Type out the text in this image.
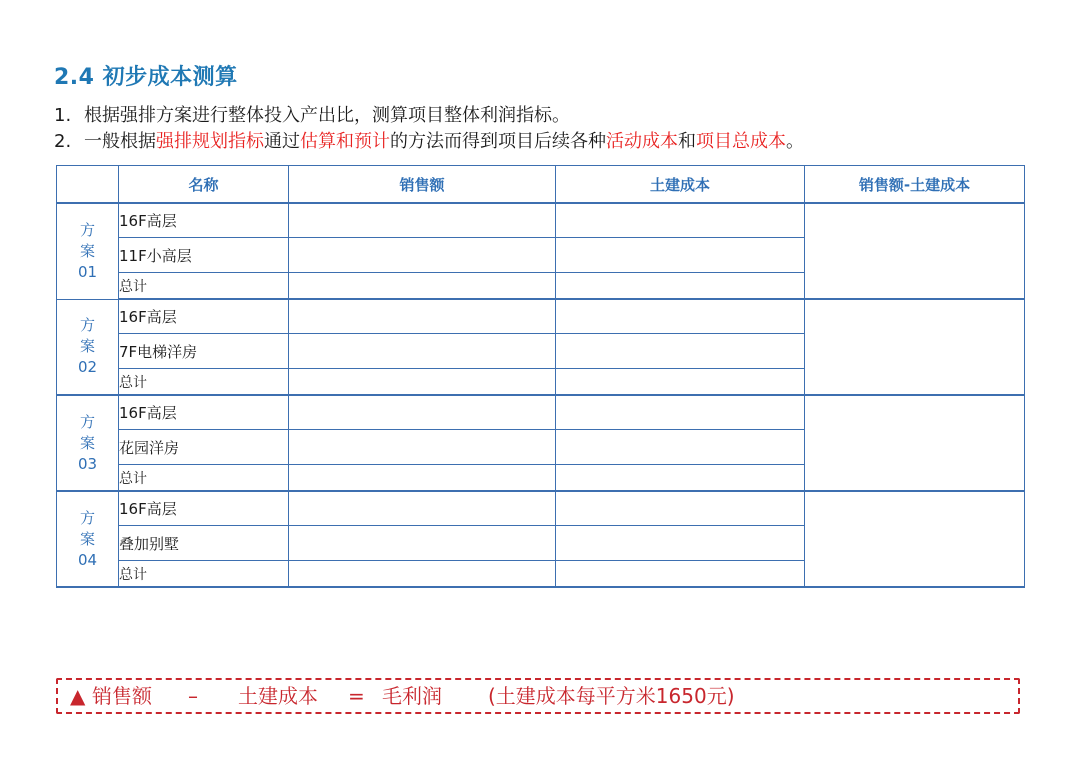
2.4 初步成本测算
1. 根据强排方案进行整体投入产出比，测算项目整体利润指标。
2. 一般根据强排规划指标通过估算和预计的方法而得到项目后续各种活动成本和项目总成本。
	名称	销售额	土建成本	销售额-土建成本

方
案
01	16F高层			
	11F小高层			
	总计			

方
案
02	16F高层			
	7F电梯洋房			
	总计			

方
案
03	16F高层			
	花园洋房			
	总计			

方
案
04	16F高层			
	叠加别墅			
	总计			
▲ 销售额 – 土建成本 = 毛利润 (土建成本每平方米1650元)
